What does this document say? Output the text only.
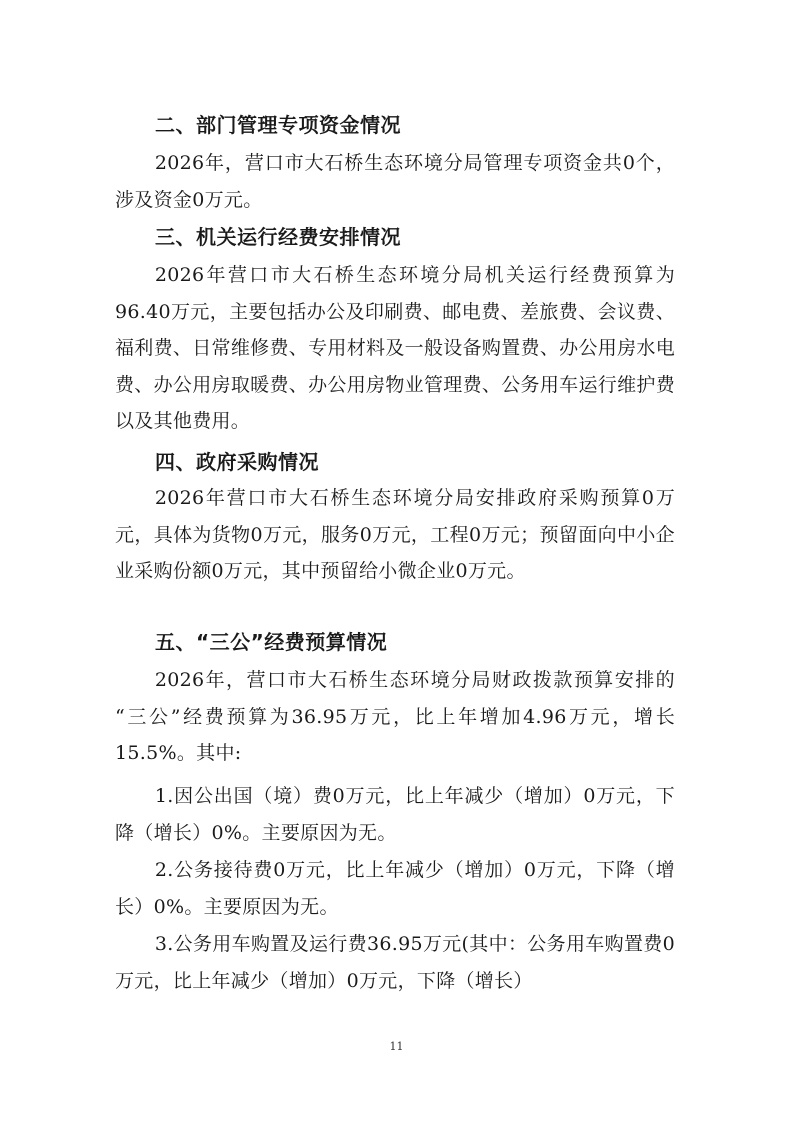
二、部门管理专项资金情况

2026年，营口市大石桥生态环境分局管理专项资金共0个，涉及资金0万元。

三、机关运行经费安排情况

2026年营口市大石桥生态环境分局机关运行经费预算为96.40万元，主要包括办公及印刷费、邮电费、差旅费、会议费、福利费、日常维修费、专用材料及一般设备购置费、办公用房水电费、办公用房取暖费、办公用房物业管理费、公务用车运行维护费以及其他费用。

四、政府采购情况

2026年营口市大石桥生态环境分局安排政府采购预算0万元，具体为货物0万元，服务0万元，工程0万元；预留面向中小企业采购份额0万元，其中预留给小微企业0万元。

五、“三公”经费预算情况

2026年，营口市大石桥生态环境分局财政拨款预算安排的 “三公”经费预算为36.95万元，比上年增加4.96万元，增长15.5%。其中:

1.因公出国（境）费0万元，比上年减少（增加）0万元，下降（增长）0%。主要原因为无。

2.公务接待费0万元，比上年减少（增加）0万元，下降（增长）0%。主要原因为无。

3.公务用车购置及运行费36.95万元(其中：公务用车购置费0万元，比上年减少（增加）0万元，下降（增长）

11
